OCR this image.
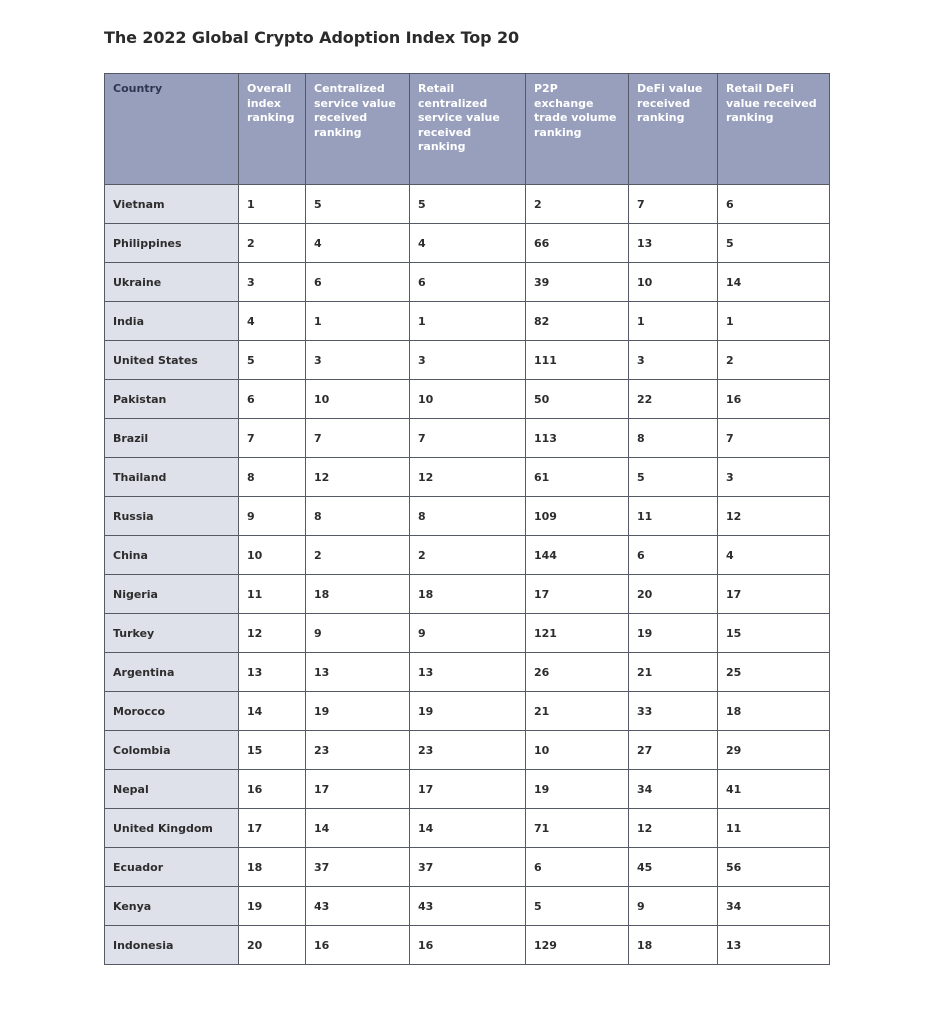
The 2022 Global Crypto Adoption Index Top 20
Country	Overall index ranking	Centralized service value received ranking	Retail centralized service value received ranking	P2P exchange trade volume ranking	DeFi value received ranking	Retail DeFi value received ranking
Vietnam	1	5	5	2	7	6
Philippines	2	4	4	66	13	5
Ukraine	3	6	6	39	10	14
India	4	1	1	82	1	1
United States	5	3	3	111	3	2
Pakistan	6	10	10	50	22	16
Brazil	7	7	7	113	8	7
Thailand	8	12	12	61	5	3
Russia	9	8	8	109	11	12
China	10	2	2	144	6	4
Nigeria	11	18	18	17	20	17
Turkey	12	9	9	121	19	15
Argentina	13	13	13	26	21	25
Morocco	14	19	19	21	33	18
Colombia	15	23	23	10	27	29
Nepal	16	17	17	19	34	41
United Kingdom	17	14	14	71	12	11
Ecuador	18	37	37	6	45	56
Kenya	19	43	43	5	9	34
Indonesia	20	16	16	129	18	13
